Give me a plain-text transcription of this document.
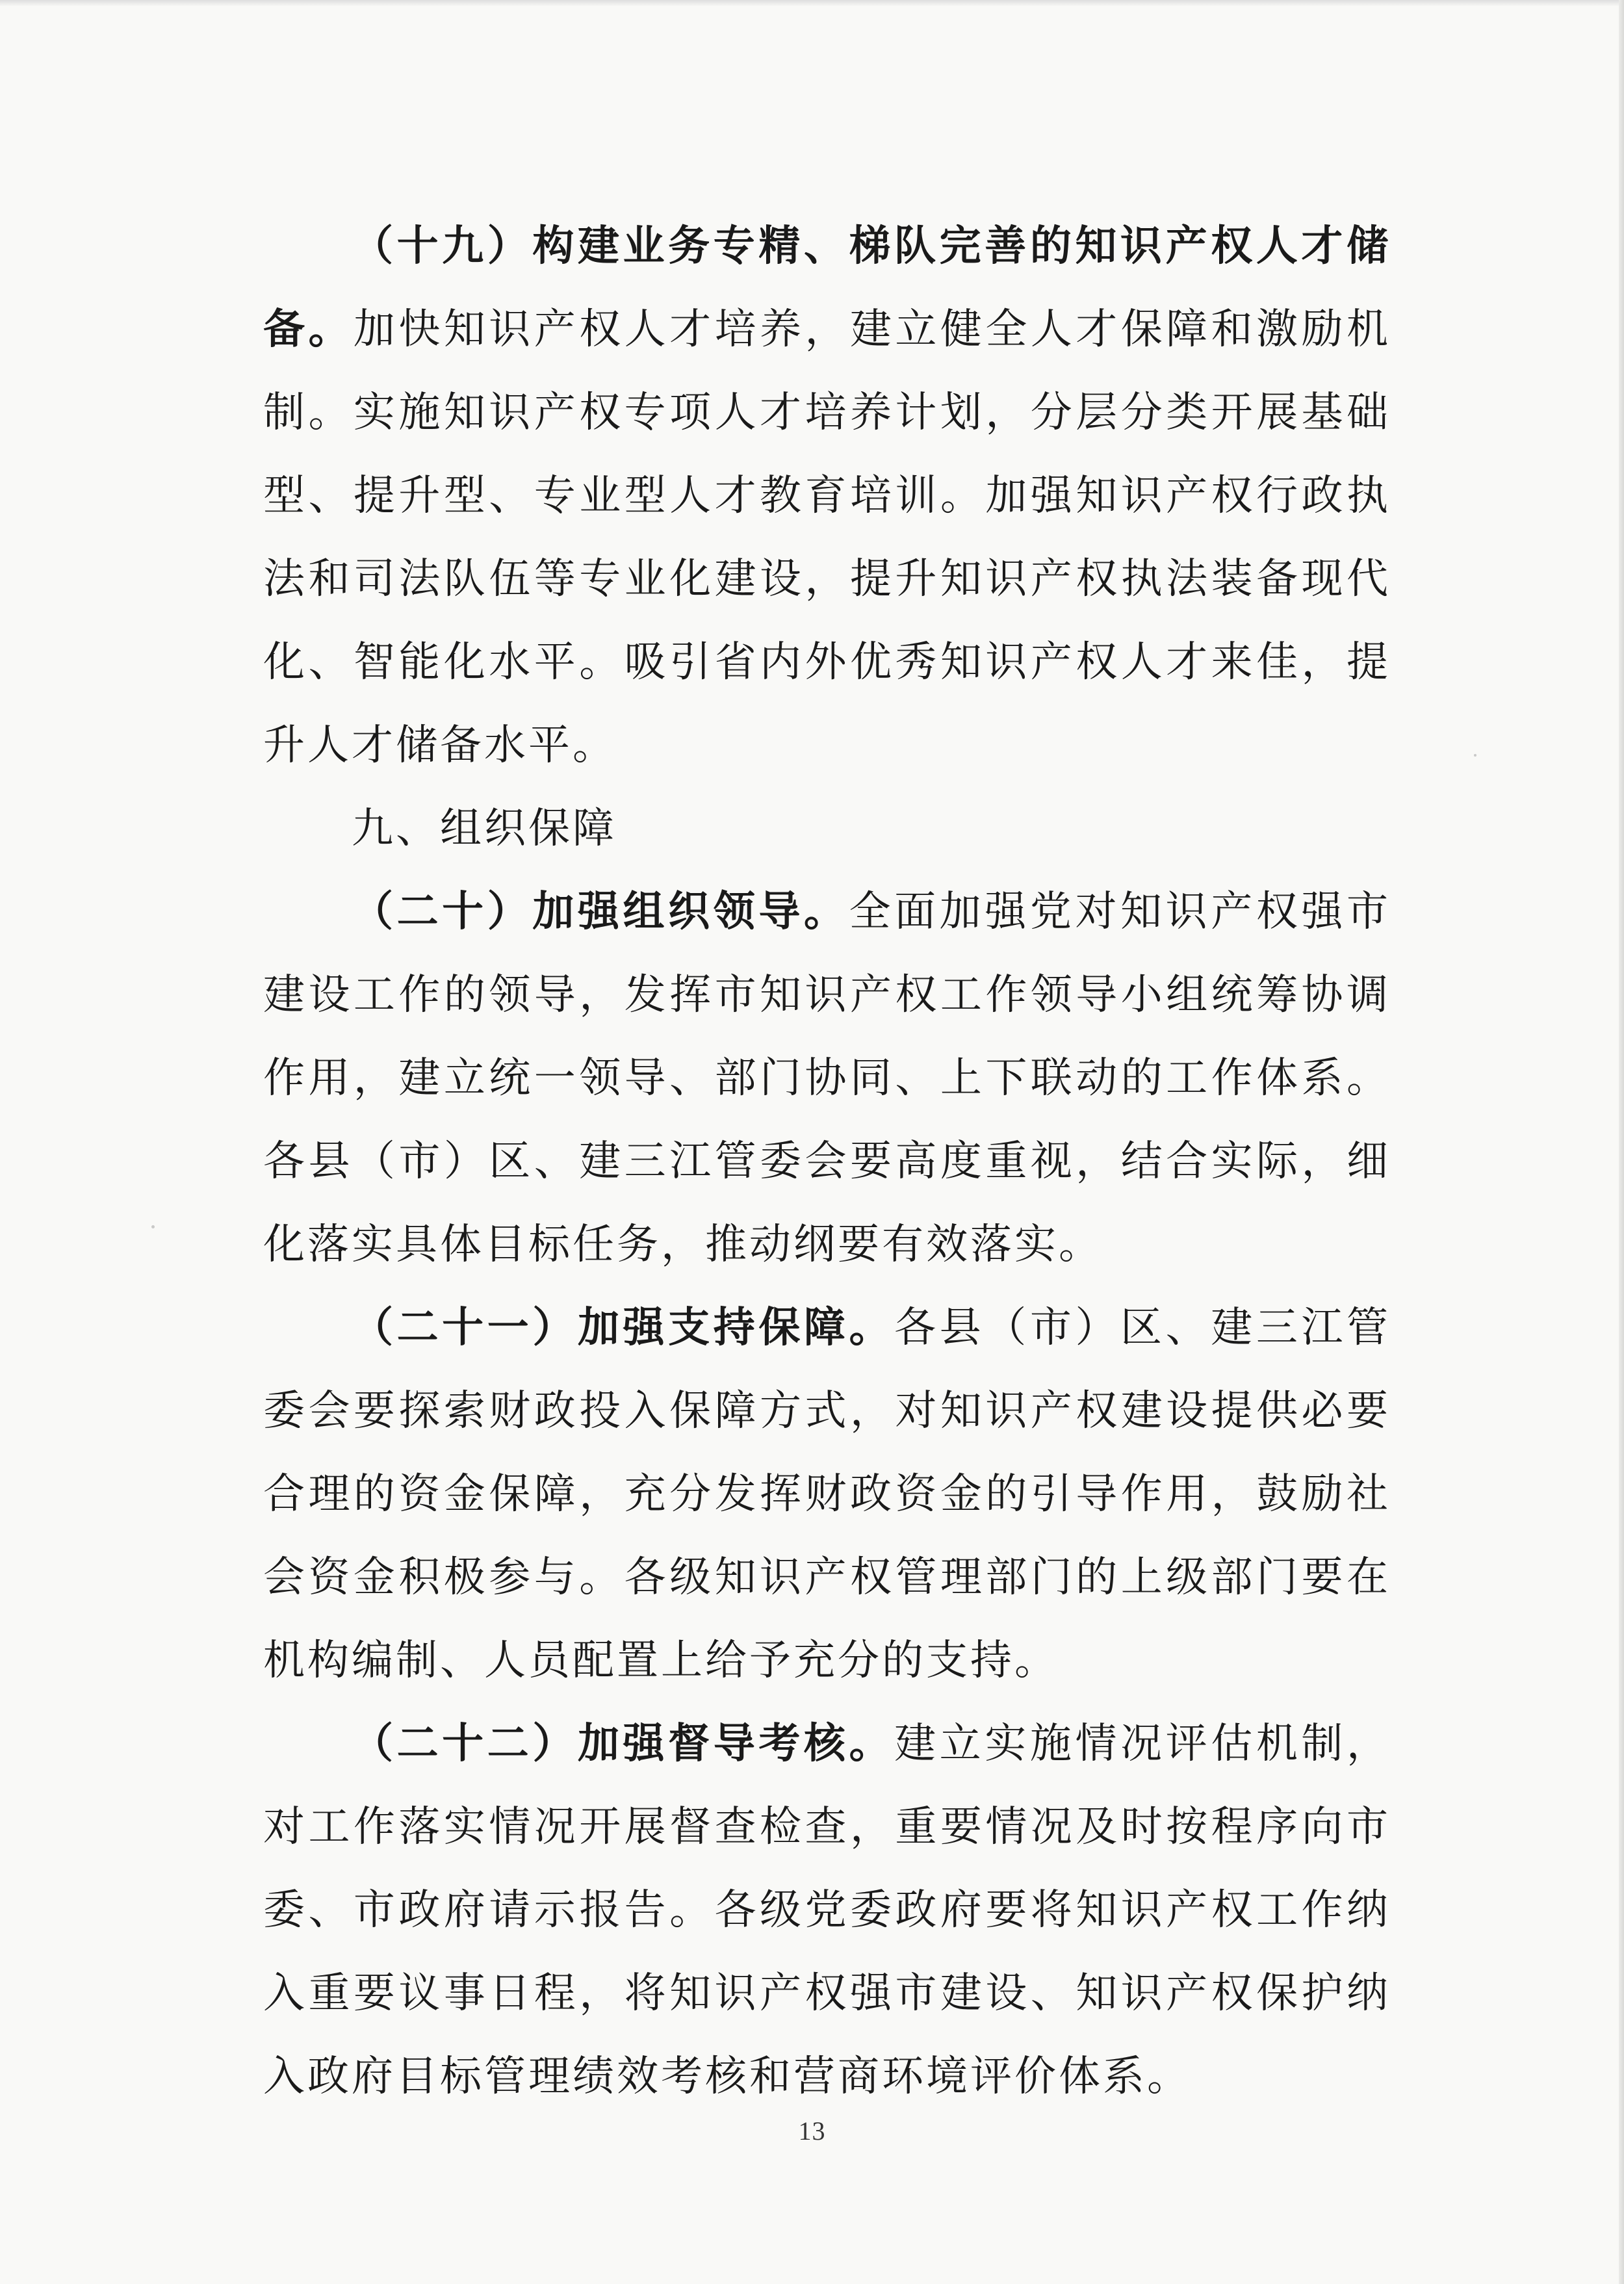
（十九）构建业务专精、梯队完善的知识产权人才储备。加快知识产权人才培养，建立健全人才保障和激励机制。实施知识产权专项人才培养计划，分层分类开展基础型、提升型、专业型人才教育培训。加强知识产权行政执法和司法队伍等专业化建设，提升知识产权执法装备现代化、智能化水平。吸引省内外优秀知识产权人才来佳，提升人才储备水平。

九、组织保障

（二十）加强组织领导。全面加强党对知识产权强市建设工作的领导，发挥市知识产权工作领导小组统筹协调作用，建立统一领导、部门协同、上下联动的工作体系。各县（市）区、建三江管委会要高度重视，结合实际，细化落实具体目标任务，推动纲要有效落实。

（二十一）加强支持保障。各县（市）区、建三江管委会要探索财政投入保障方式，对知识产权建设提供必要合理的资金保障，充分发挥财政资金的引导作用，鼓励社会资金积极参与。各级知识产权管理部门的上级部门要在机构编制、人员配置上给予充分的支持。

（二十二）加强督导考核。建立实施情况评估机制，对工作落实情况开展督查检查，重要情况及时按程序向市委、市政府请示报告。各级党委政府要将知识产权工作纳入重要议事日程，将知识产权强市建设、知识产权保护纳入政府目标管理绩效考核和营商环境评价体系。

13
